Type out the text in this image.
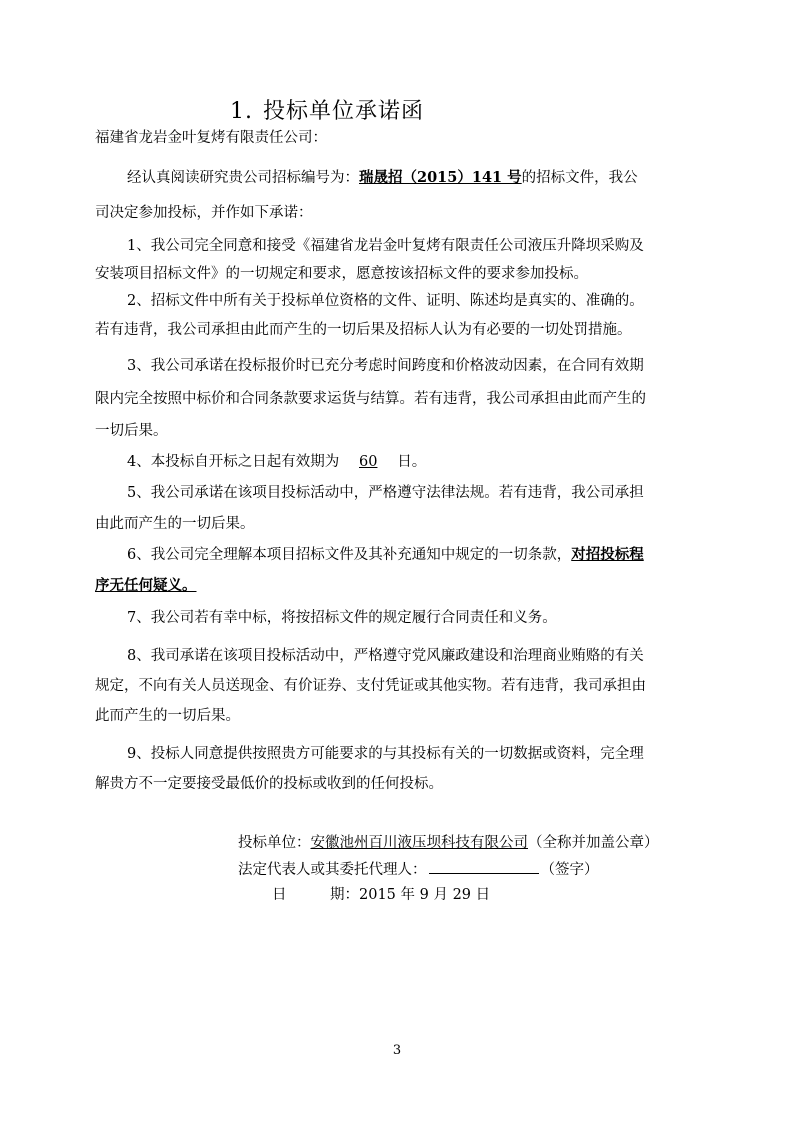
1. 投标单位承诺函
福建省龙岩金叶复烤有限责任公司：
经认真阅读研究贵公司招标编号为：瑞晟招（2015）141 号的招标文件，我公
司决定参加投标，并作如下承诺：
1、我公司完全同意和接受《福建省龙岩金叶复烤有限责任公司液压升降坝采购及
安装项目招标文件》的一切规定和要求，愿意按该招标文件的要求参加投标。
2、招标文件中所有关于投标单位资格的文件、证明、陈述均是真实的、准确的。
若有违背，我公司承担由此而产生的一切后果及招标人认为有必要的一切处罚措施。
3、我公司承诺在投标报价时已充分考虑时间跨度和价格波动因素，在合同有效期
限内完全按照中标价和合同条款要求运货与结算。若有违背，我公司承担由此而产生的
一切后果。
4、本投标自开标之日起有效期为 60 日。
5、我公司承诺在该项目投标活动中，严格遵守法律法规。若有违背，我公司承担
由此而产生的一切后果。
6、我公司完全理解本项目招标文件及其补充通知中规定的一切条款，对招投标程
序无任何疑义。
7、我公司若有幸中标，将按招标文件的规定履行合同责任和义务。
8、我司承诺在该项目投标活动中，严格遵守党风廉政建设和治理商业贿赂的有关
规定，不向有关人员送现金、有价证券、支付凭证或其他实物。若有违背，我司承担由
此而产生的一切后果。
9、投标人同意提供按照贵方可能要求的与其投标有关的一切数据或资料，完全理
解贵方不一定要接受最低价的投标或收到的任何投标。
投标单位：安徽池州百川液压坝科技有限公司（全称并加盖公章）
法定代表人或其委托代理人：	（签字）
日　　　期：2015 年 9 月 29 日
3
